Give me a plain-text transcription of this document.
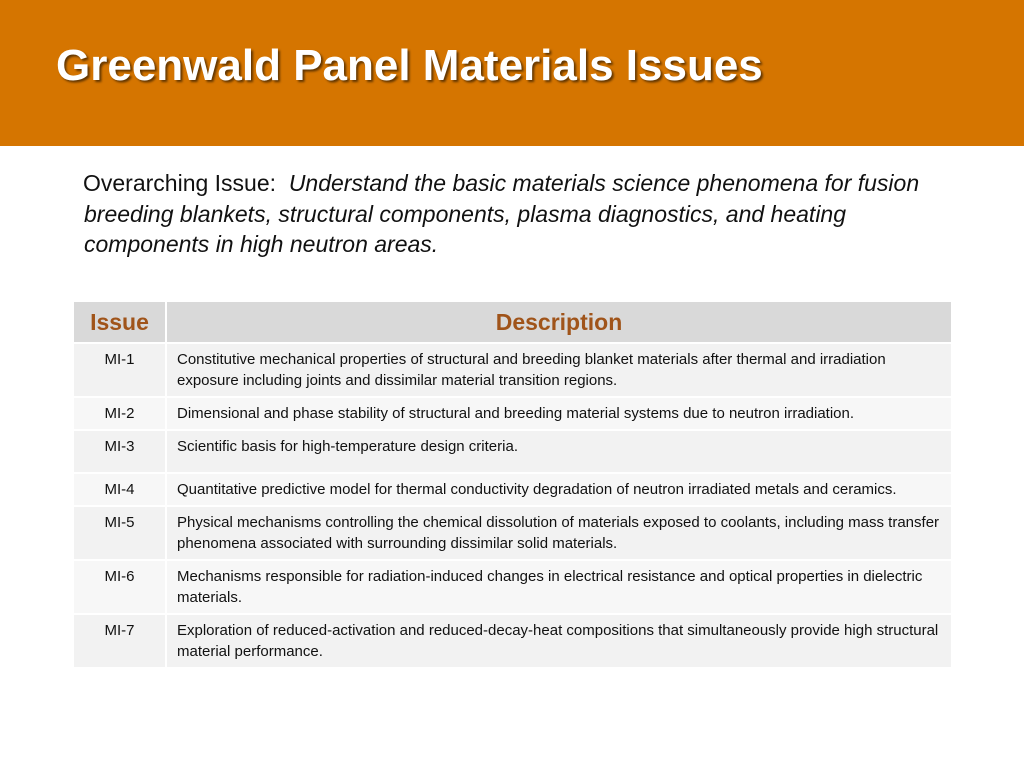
Greenwald Panel Materials Issues
Overarching Issue: Understand the basic materials science phenomena for fusion breeding blankets, structural components, plasma diagnostics, and heating components in high neutron areas.
Issue	Description
MI-1	Constitutive mechanical properties of structural and breeding blanket materials after thermal and irradiation exposure including joints and dissimilar material transition regions.
MI-2	Dimensional and phase stability of structural and breeding material systems due to neutron irradiation.
MI-3	Scientific basis for high-temperature design criteria.
MI-4	Quantitative predictive model for thermal conductivity degradation of neutron irradiated metals and ceramics.
MI-5	Physical mechanisms controlling the chemical dissolution of materials exposed to coolants, including mass transfer phenomena associated with surrounding dissimilar solid materials.
MI-6	Mechanisms responsible for radiation-induced changes in electrical resistance and optical properties in dielectric materials.
MI-7	Exploration of reduced-activation and reduced-decay-heat compositions that simultaneously provide high structural material performance.
